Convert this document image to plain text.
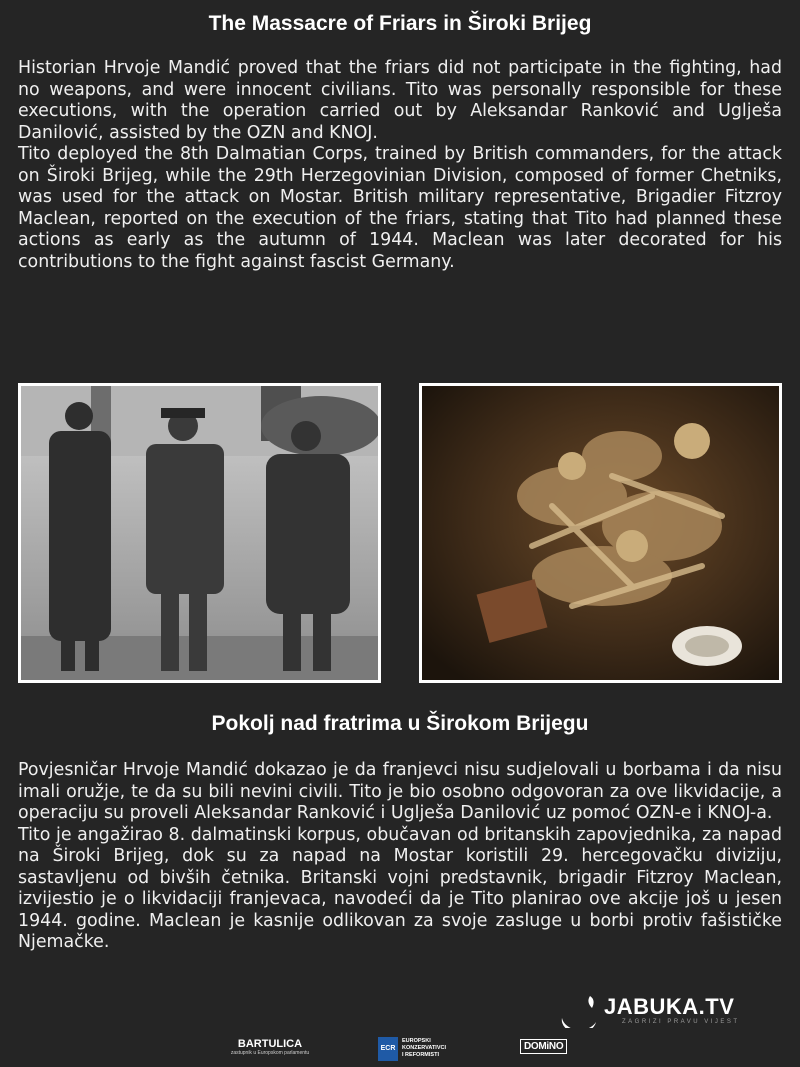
The Massacre of Friars in Široki Brijeg

Historian Hrvoje Mandić proved that the friars did not participate in the fighting, had no weapons, and were innocent civilians. Tito was personally responsible for these executions, with the operation carried out by Aleksandar Ranković and Uglješa Danilović, assisted by the OZN and KNOJ.

Tito deployed the 8th Dalmatian Corps, trained by British commanders, for the attack on Široki Brijeg, while the 29th Herzegovinian Division, composed of former Chetniks, was used for the attack on Mostar. British military representative, Brigadier Fitzroy Maclean, reported on the execution of the friars, stating that Tito had planned these actions as early as the autumn of 1944. Maclean was later decorated for his contributions to the fight against fascist Germany.

Pokolj nad fratrima u Širokom Brijegu

Povjesničar Hrvoje Mandić dokazao je da franjevci nisu sudjelovali u borbama i da nisu imali oružje, te da su bili nevini civili. Tito je bio osobno odgovoran za ove likvidacije, a operaciju su proveli Aleksandar Ranković i Uglješa Danilović uz pomoć OZN-e i KNOJ-a.

Tito je angažirao 8. dalmatinski korpus, obučavan od britanskih zapovjednika, za napad na Široki Brijeg, dok su za napad na Mostar koristili 29. hercegovačku diviziju, sastavljenu od bivših četnika. Britanski vojni predstavnik, brigadir Fitzroy Maclean, izvijestio je o likvidaciji franjevaca, navodeći da je Tito planirao ove akcije još u jesen 1944. godine. Maclean je kasnije odlikovan za svoje zasluge u borbi protiv fašističke Njemačke.

JABUKA.TV
ZAGRIZI PRAVU VIJEST
BARTULICA
zastupnik u Europskom parlamentu
ECR
EUROPSKI
KONZERVATIVCI
I REFORMISTI
DOMiNO
